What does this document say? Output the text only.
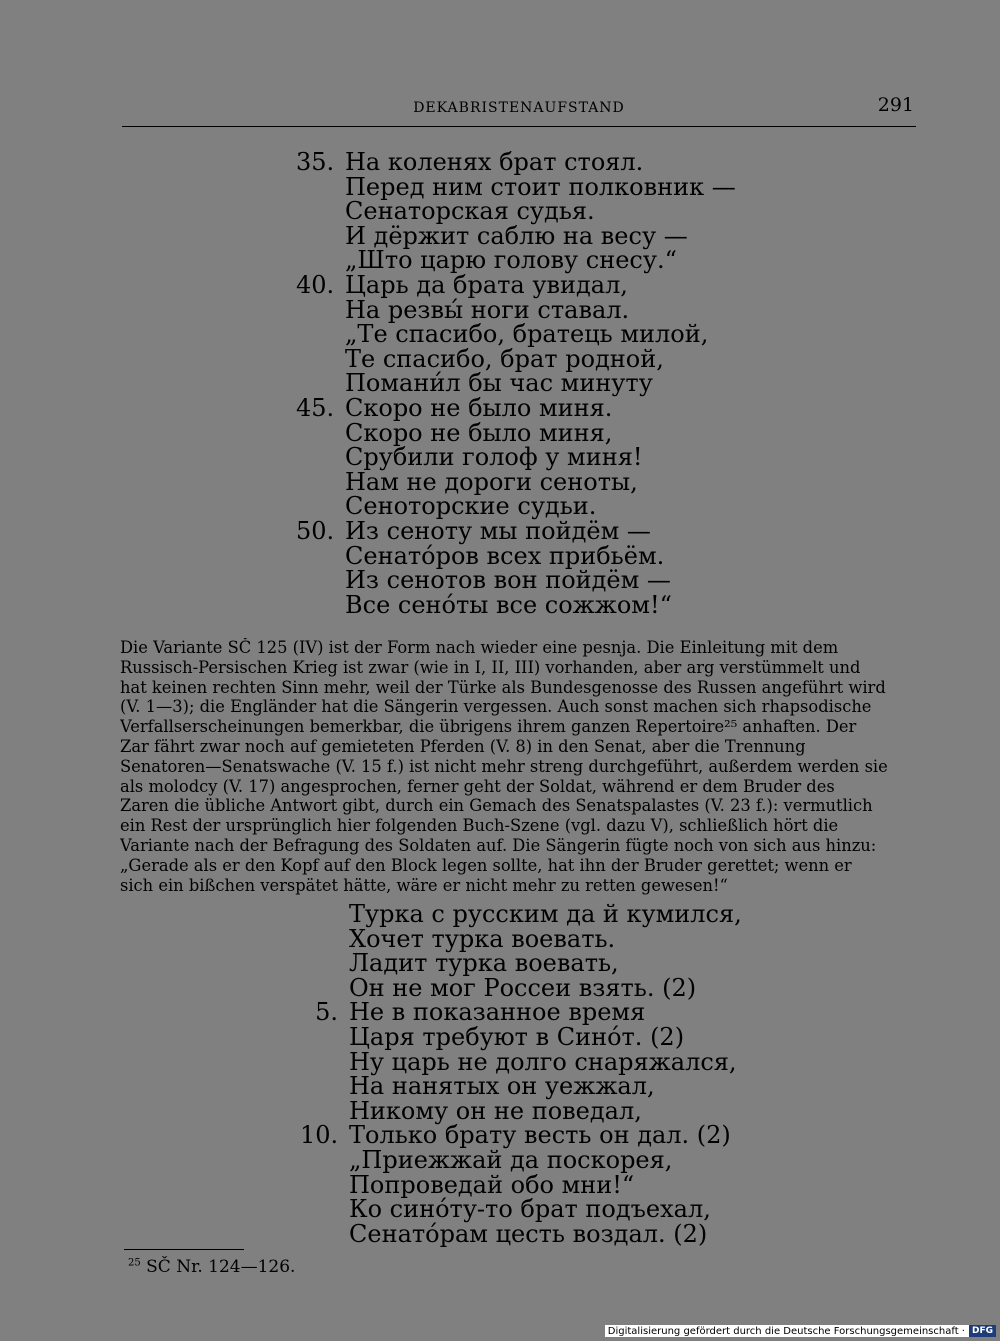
DEKABRISTENAUFSTAND	291
35. На коленях брат стоял.
Перед ним стоит полковник —
Сенаторская судья.
И дёржит саблю на весу —
„Што царю голову снесу.“
40. Царь да брата увидал,
На резвы́ ноги ставал.
„Те спасибо, братець милой,
Те спасибо, брат родной,
Помани́л бы час минуту
45. Скоро не было миня.
Скоро не было миня,
Срубили голоф у миня!
Нам не дороги сеноты,
Сеноторские судьи.
50. Из сеноту мы пойдём —
Сенато́ров всех прибьём.
Из сенотов вон пойдём —
Все сено́ты все сожжом!“
Die Variante SČ 125 (IV) ist der Form nach wieder eine pesnja. Die Einleitung mit dem
Russisch-Persischen Krieg ist zwar (wie in I, II, III) vorhanden, aber arg verstümmelt und
hat keinen rechten Sinn mehr, weil der Türke als Bundesgenosse des Russen angeführt wird
(V. 1—3); die Engländer hat die Sängerin vergessen. Auch sonst machen sich rhapsodische
Verfallserscheinungen bemerkbar, die übrigens ihrem ganzen Repertoire²⁵ anhaften. Der
Zar fährt zwar noch auf gemieteten Pferden (V. 8) in den Senat, aber die Trennung
Senatoren—Senatswache (V. 15 f.) ist nicht mehr streng durchgeführt, außerdem werden sie
als molodcy (V. 17) angesprochen, ferner geht der Soldat, während er dem Bruder des
Zaren die übliche Antwort gibt, durch ein Gemach des Senatspalastes (V. 23 f.): vermutlich
ein Rest der ursprünglich hier folgenden Buch-Szene (vgl. dazu V), schließlich hört die
Variante nach der Befragung des Soldaten auf. Die Sängerin fügte noch von sich aus hinzu:
„Gerade als er den Kopf auf den Block legen sollte, hat ihn der Bruder gerettet; wenn er
sich ein bißchen verspätet hätte, wäre er nicht mehr zu retten gewesen!“
Турка с русским да й кумился,
Хочет турка воевать.
Ладит турка воевать,
Он не мог Россеи взять. (2)
5. Не в показанное время
Царя требуют в Сино́т. (2)
Ну царь не долго снаряжался,
На нанятых он уежжал,
Никому он не поведал,
10. Только брату весть он дал. (2)
„Приежжай да поскорея,
Попроведай обо мни!“
Ко сино́ту-то брат подъехал,
Сенато́рам цесть воздал. (2)
$^{25}$ SČ Nr. 124—126.
Digitalisierung gefördert durch die Deutsche Forschungsgemeinschaft · DFG
